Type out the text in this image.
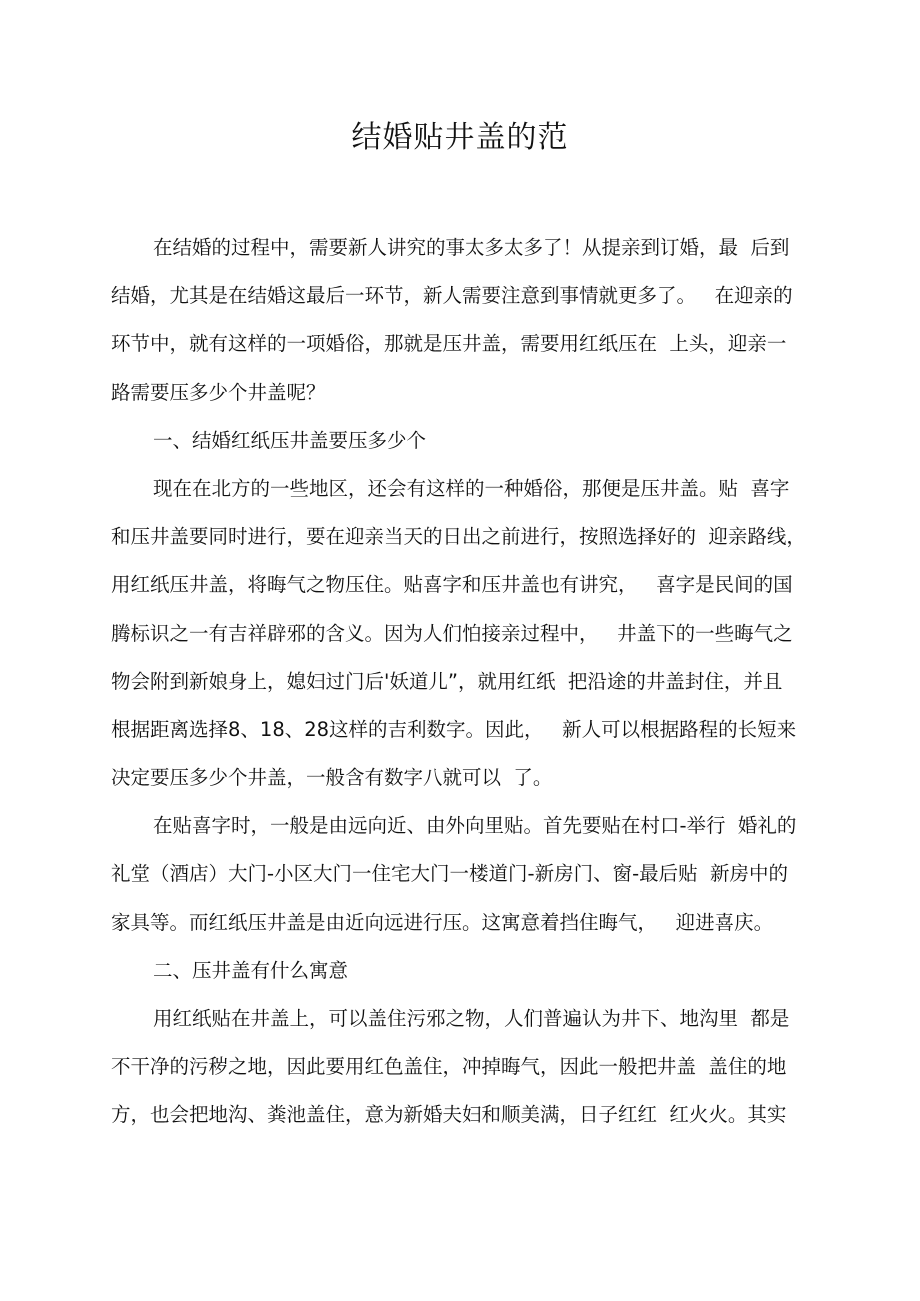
结婚贴井盖的范
在结婚的过程中，需要新人讲究的事太多太多了！从提亲到订婚，最  后到
结婚，尤其是在结婚这最后一环节，新人需要注意到事情就更多了。   在迎亲的
环节中，就有这样的一项婚俗，那就是压井盖，需要用红纸压在  上头，迎亲一
路需要压多少个井盖呢？
一、结婚红纸压井盖要压多少个
现在在北方的一些地区，还会有这样的一种婚俗，那便是压井盖。贴  喜字
和压井盖要同时进行，要在迎亲当天的日出之前进行，按照选择好的  迎亲路线，
用红纸压井盖，将晦气之物压住。贴喜字和压井盖也有讲究，   喜字是民间的国
腾标识之一有吉祥辟邪的含义。因为人们怕接亲过程中，   井盖下的一些晦气之
物会附到新娘身上，媳妇过门后'妖道儿”，就用红纸  把沿途的井盖封住，并且
根据距离选择8、18、28这样的吉利数字。因此，   新人可以根据路程的长短来
决定要压多少个井盖，一般含有数字八就可以  了。
在贴喜字时，一般是由远向近、由外向里贴。首先要贴在村口-举行  婚礼的
礼堂（酒店）大门-小区大门一住宅大门一楼道门-新房门、窗-最后贴  新房中的
家具等。而红纸压井盖是由近向远进行压。这寓意着挡住晦气，   迎进喜庆。
二、压井盖有什么寓意
用红纸贴在井盖上，可以盖住污邪之物，人们普遍认为井下、地沟里  都是
不干净的污秽之地，因此要用红色盖住，冲掉晦气，因此一般把井盖  盖住的地
方，也会把地沟、粪池盖住，意为新婚夫妇和顺美满，日子红红  红火火。其实
